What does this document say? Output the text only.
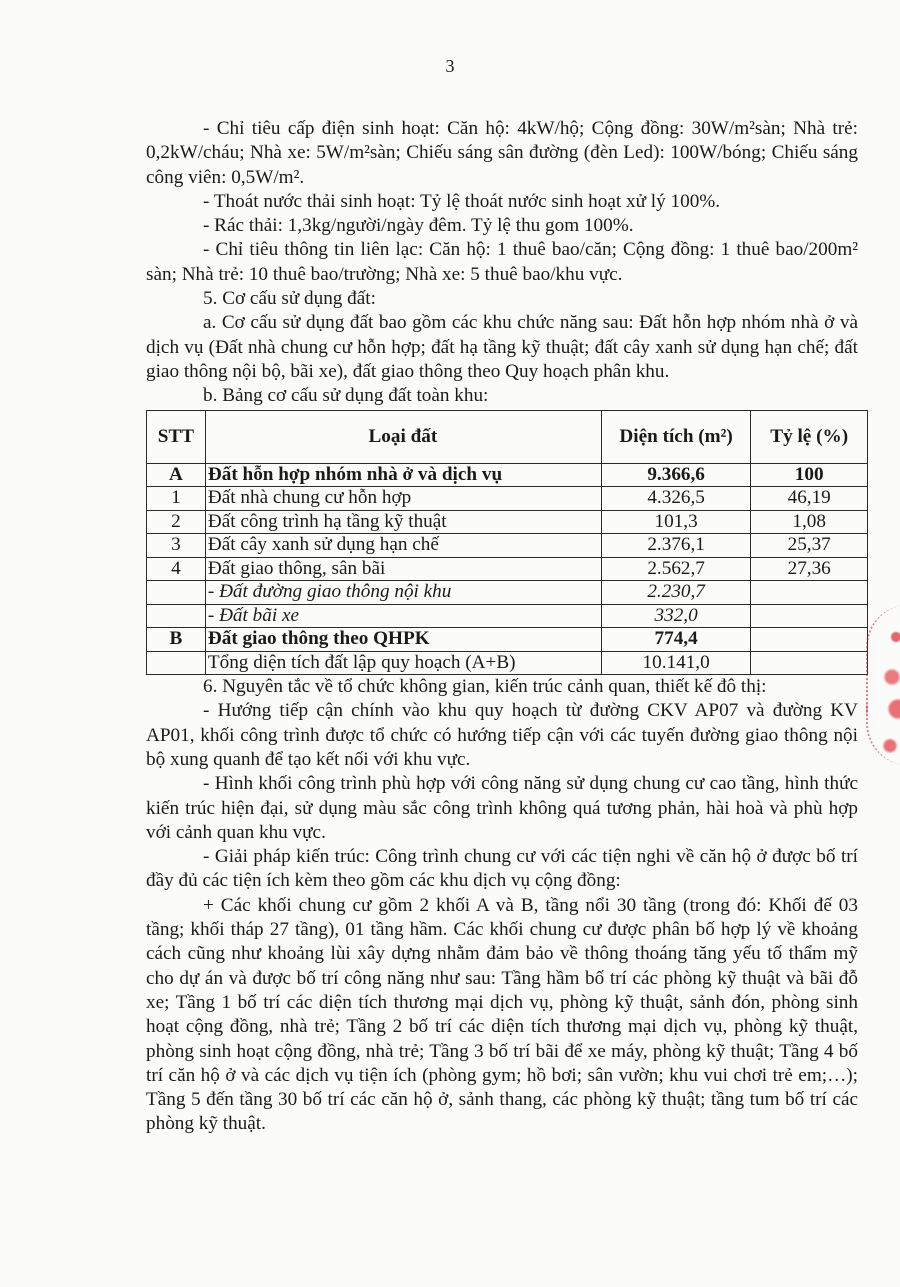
3

- Chỉ tiêu cấp điện sinh hoạt: Căn hộ: 4kW/hộ; Cộng đồng: 30W/m²sàn; Nhà trẻ: 0,2kW/cháu; Nhà xe: 5W/m²sàn; Chiếu sáng sân đường (đèn Led): 100W/bóng; Chiếu sáng công viên: 0,5W/m².

- Thoát nước thải sinh hoạt: Tỷ lệ thoát nước sinh hoạt xử lý 100%.

- Rác thải: 1,3kg/người/ngày đêm. Tỷ lệ thu gom 100%.

- Chỉ tiêu thông tin liên lạc: Căn hộ: 1 thuê bao/căn; Cộng đồng: 1 thuê bao/200m² sàn; Nhà trẻ: 10 thuê bao/trường; Nhà xe: 5 thuê bao/khu vực.

5. Cơ cấu sử dụng đất:

a. Cơ cấu sử dụng đất bao gồm các khu chức năng sau: Đất hỗn hợp nhóm nhà ở và dịch vụ (Đất nhà chung cư hỗn hợp; đất hạ tầng kỹ thuật; đất cây xanh sử dụng hạn chế; đất giao thông nội bộ, bãi xe), đất giao thông theo Quy hoạch phân khu.

b. Bảng cơ cấu sử dụng đất toàn khu:

STT	Loại đất	Diện tích (m²)	Tỷ lệ (%)
A	Đất hỗn hợp nhóm nhà ở và dịch vụ	9.366,6	100
1	Đất nhà chung cư hỗn hợp	4.326,5	46,19
2	Đất công trình hạ tầng kỹ thuật	101,3	1,08
3	Đất cây xanh sử dụng hạn chế	2.376,1	25,37
4	Đất giao thông, sân bãi	2.562,7	27,36
	- Đất đường giao thông nội khu	2.230,7	
	- Đất bãi xe	332,0	
B	Đất giao thông theo QHPK	774,4	
	Tổng diện tích đất lập quy hoạch (A+B)	10.141,0	

6. Nguyên tắc về tổ chức không gian, kiến trúc cảnh quan, thiết kế đô thị:

- Hướng tiếp cận chính vào khu quy hoạch từ đường CKV AP07 và đường KV AP01, khối công trình được tổ chức có hướng tiếp cận với các tuyến đường giao thông nội bộ xung quanh để tạo kết nối với khu vực.

- Hình khối công trình phù hợp với công năng sử dụng chung cư cao tầng, hình thức kiến trúc hiện đại, sử dụng màu sắc công trình không quá tương phản, hài hoà và phù hợp với cảnh quan khu vực.

- Giải pháp kiến trúc: Công trình chung cư với các tiện nghi về căn hộ ở được bố trí đầy đủ các tiện ích kèm theo gồm các khu dịch vụ cộng đồng:

+ Các khối chung cư gồm 2 khối A và B, tầng nổi 30 tầng (trong đó: Khối đế 03 tầng; khối tháp 27 tầng), 01 tầng hầm. Các khối chung cư được phân bố hợp lý về khoảng cách cũng như khoảng lùi xây dựng nhằm đảm bảo về thông thoáng tăng yếu tố thẩm mỹ cho dự án và được bố trí công năng như sau: Tầng hầm bố trí các phòng kỹ thuật và bãi đỗ xe; Tầng 1 bố trí các diện tích thương mại dịch vụ, phòng kỹ thuật, sảnh đón, phòng sinh hoạt cộng đồng, nhà trẻ; Tầng 2 bố trí các diện tích thương mại dịch vụ, phòng kỹ thuật, phòng sinh hoạt cộng đồng, nhà trẻ; Tầng 3 bố trí bãi để xe máy, phòng kỹ thuật; Tầng 4 bố trí căn hộ ở và các dịch vụ tiện ích (phòng gym; hồ bơi; sân vườn; khu vui chơi trẻ em;…); Tầng 5 đến tầng 30 bố trí các căn hộ ở, sảnh thang, các phòng kỹ thuật; tầng tum bố trí các phòng kỹ thuật.
